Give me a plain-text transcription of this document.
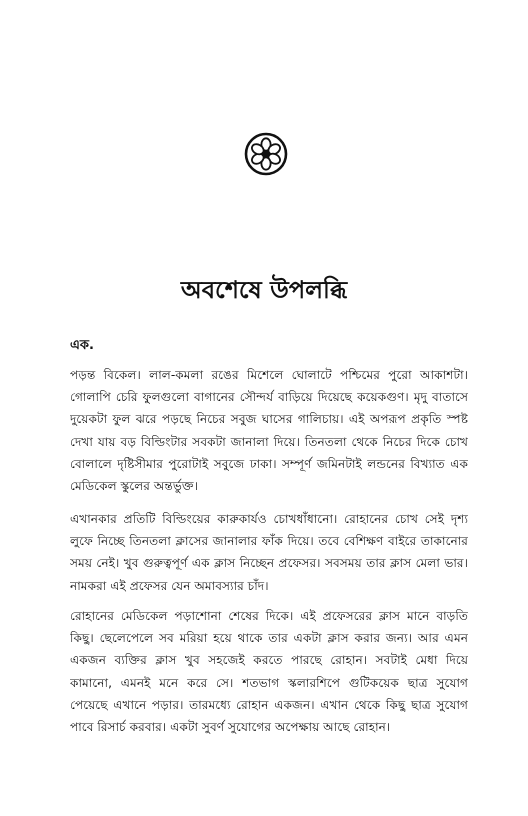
অবশেষে উপলব্ধি
এক.

পড়ন্ত বিকেল। লাল-কমলা রঙের মিশেলে ঘোলাটে পশ্চিমের পুরো আকাশটা।
গোলাপি চেরি ফুলগুলো বাগানের সৌন্দর্য বাড়িয়ে দিয়েছে কয়েকগুণ। মৃদু বাতাসে
দুয়েকটা ফুল ঝরে পড়ছে নিচের সবুজ ঘাসের গালিচায়। এই অপরূপ প্রকৃতি স্পষ্ট
দেখা যায় বড় বিল্ডিংটার সবকটা জানালা দিয়ে। তিনতলা থেকে নিচের দিকে চোখ
বোলালে দৃষ্টিসীমার পুরোটাই সবুজে ঢাকা। সম্পূর্ণ জমিনটাই লন্ডনের বিখ্যাত এক
মেডিকেল স্কুলের অন্তর্ভুক্ত।

এখানকার প্রতিটি বিল্ডিংয়ের কারুকার্যও চোখধাঁধানো। রোহানের চোখ সেই দৃশ্য
লুফে নিচ্ছে তিনতলা ক্লাসের জানালার ফাঁক দিয়ে। তবে বেশিক্ষণ বাইরে তাকানোর
সময় নেই। খুব গুরুত্বপূর্ণ এক ক্লাস নিচ্ছেন প্রফেসর। সবসময় তার ক্লাস মেলা ভার।
নামকরা এই প্রফেসর যেন অমাবস্যার চাঁদ।

রোহানের মেডিকেল পড়াশোনা শেষের দিকে। এই প্রফেসরের ক্লাস মানে বাড়তি
কিছু। ছেলেপেলে সব মরিয়া হয়ে থাকে তার একটা ক্লাস করার জন্য। আর এমন
একজন ব্যক্তির ক্লাস খুব সহজেই করতে পারছে রোহান। সবটাই মেধা দিয়ে
কামানো, এমনই মনে করে সে। শতভাগ স্কলারশিপে গুটিকয়েক ছাত্র সুযোগ
পেয়েছে এখানে পড়ার। তারমধ্যে রোহান একজন। এখান থেকে কিছু ছাত্র সুযোগ
পাবে রিসার্চ করবার। একটা সুবর্ণ সুযোগের অপেক্ষায় আছে রোহান।
